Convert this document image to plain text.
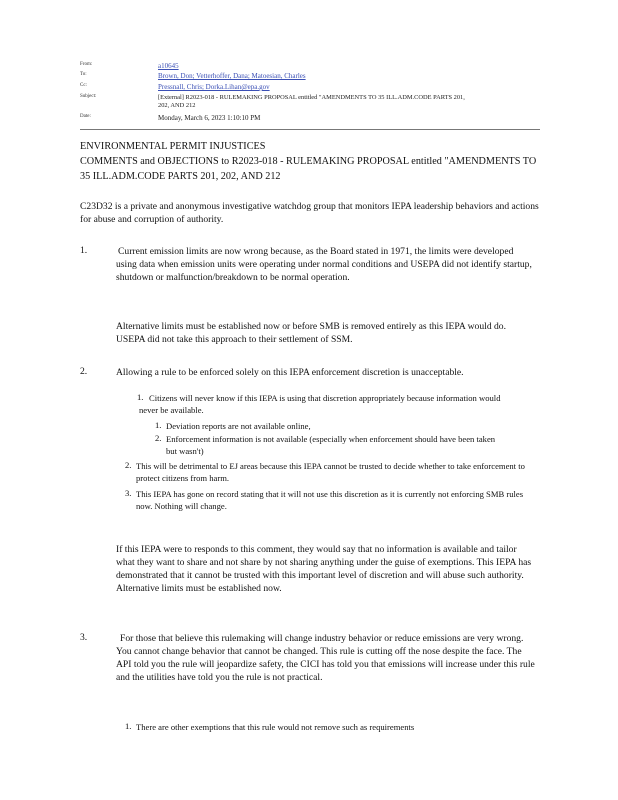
From:	a10645
To:	Brown, Don; Vetterhoffer, Dana; Matoesian, Charles
Cc:	Pressnall, Chris; Dorka.Lihan@epa.gov
Subject:	[External] R2023-018 - RULEMAKING PROPOSAL entitled "AMENDMENTS TO 35 ILL.ADM.CODE PARTS 201,
202, AND 212
Date:	Monday, March 6, 2023 1:10:10 PM
ENVIRONMENTAL PERMIT INJUSTICES
COMMENTS and OBJECTIONS to R2023-018 - RULEMAKING PROPOSAL entitled "AMENDMENTS TO
35 ILL.ADM.CODE PARTS 201, 202, AND 212
C23D32 is a private and anonymous investigative watchdog group that monitors IEPA leadership behaviors and actions for abuse and corruption of authority.
1.	Current emission limits are now wrong because, as the Board stated in 1971, the limits were developed using data when emission units were operating under normal conditions and USEPA did not identify startup, shutdown or malfunction/breakdown to be normal operation.
Alternative limits must be established now or before SMB is removed entirely as this IEPA would do. USEPA did not take this approach to their settlement of SSM.
2.	Allowing a rule to be enforced solely on this IEPA enforcement discretion is unacceptable.
1. Citizens will never know if this IEPA is using that discretion appropriately because information would never be available.
1. Deviation reports are not available online,
2. Enforcement information is not available (especially when enforcement should have been taken but wasn't)
2. This will be detrimental to EJ areas because this IEPA cannot be trusted to decide whether to take enforcement to protect citizens from harm.
3. This IEPA has gone on record stating that it will not use this discretion as it is currently not enforcing SMB rules now. Nothing will change.
If this IEPA were to responds to this comment, they would say that no information is available and tailor what they want to share and not share by not sharing anything under the guise of exemptions. This IEPA has demonstrated that it cannot be trusted with this important level of discretion and will abuse such authority. Alternative limits must be established now.
3.	For those that believe this rulemaking will change industry behavior or reduce emissions are very wrong. You cannot change behavior that cannot be changed. This rule is cutting off the nose despite the face. The API told you the rule will jeopardize safety, the CICI has told you that emissions will increase under this rule and the utilities have told you the rule is not practical.
1. There are other exemptions that this rule would not remove such as requirements
